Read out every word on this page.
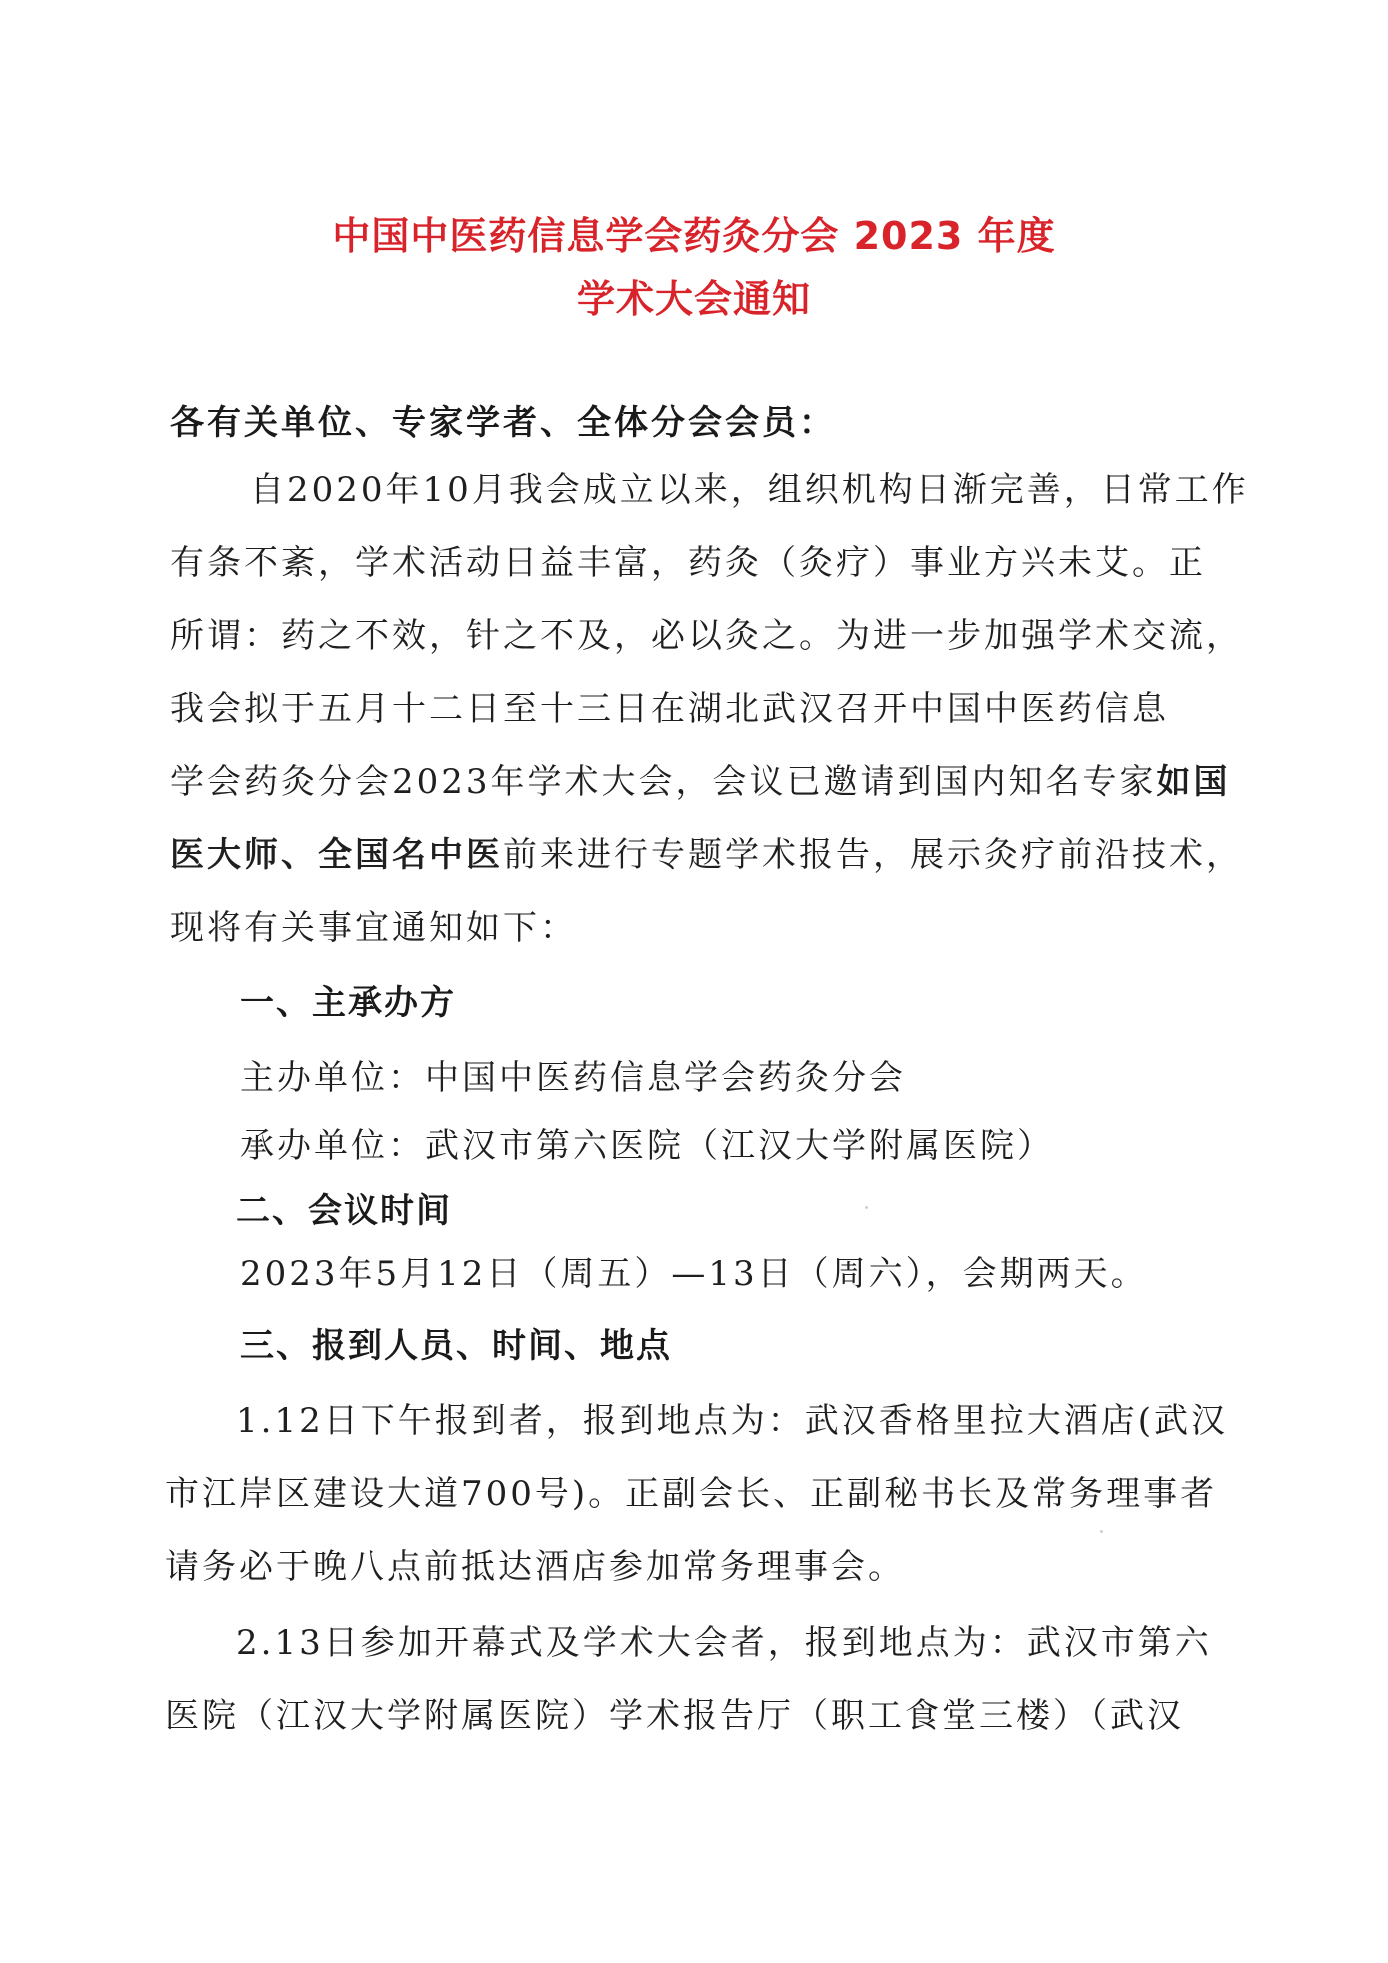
中国中医药信息学会药灸分会 2023 年度
学术大会通知
各有关单位、专家学者、全体分会会员：
自2020年10月我会成立以来，组织机构日渐完善，日常工作
有条不紊，学术活动日益丰富，药灸（灸疗）事业方兴未艾。正
所谓：药之不效，针之不及，必以灸之。为进一步加强学术交流，
我会拟于五月十二日至十三日在湖北武汉召开中国中医药信息
学会药灸分会2023年学术大会，会议已邀请到国内知名专家如国
医大师、全国名中医前来进行专题学术报告，展示灸疗前沿技术，
现将有关事宜通知如下：
一、主承办方
主办单位：中国中医药信息学会药灸分会
承办单位：武汉市第六医院（江汉大学附属医院）
二、会议时间
2023年5月12日（周五）—13日（周六），会期两天。
三、报到人员、时间、地点
1.12日下午报到者，报到地点为：武汉香格里拉大酒店(武汉
市江岸区建设大道700号)。正副会长、正副秘书长及常务理事者
请务必于晚八点前抵达酒店参加常务理事会。
2.13日参加开幕式及学术大会者，报到地点为：武汉市第六
医院（江汉大学附属医院）学术报告厅（职工食堂三楼）（武汉
